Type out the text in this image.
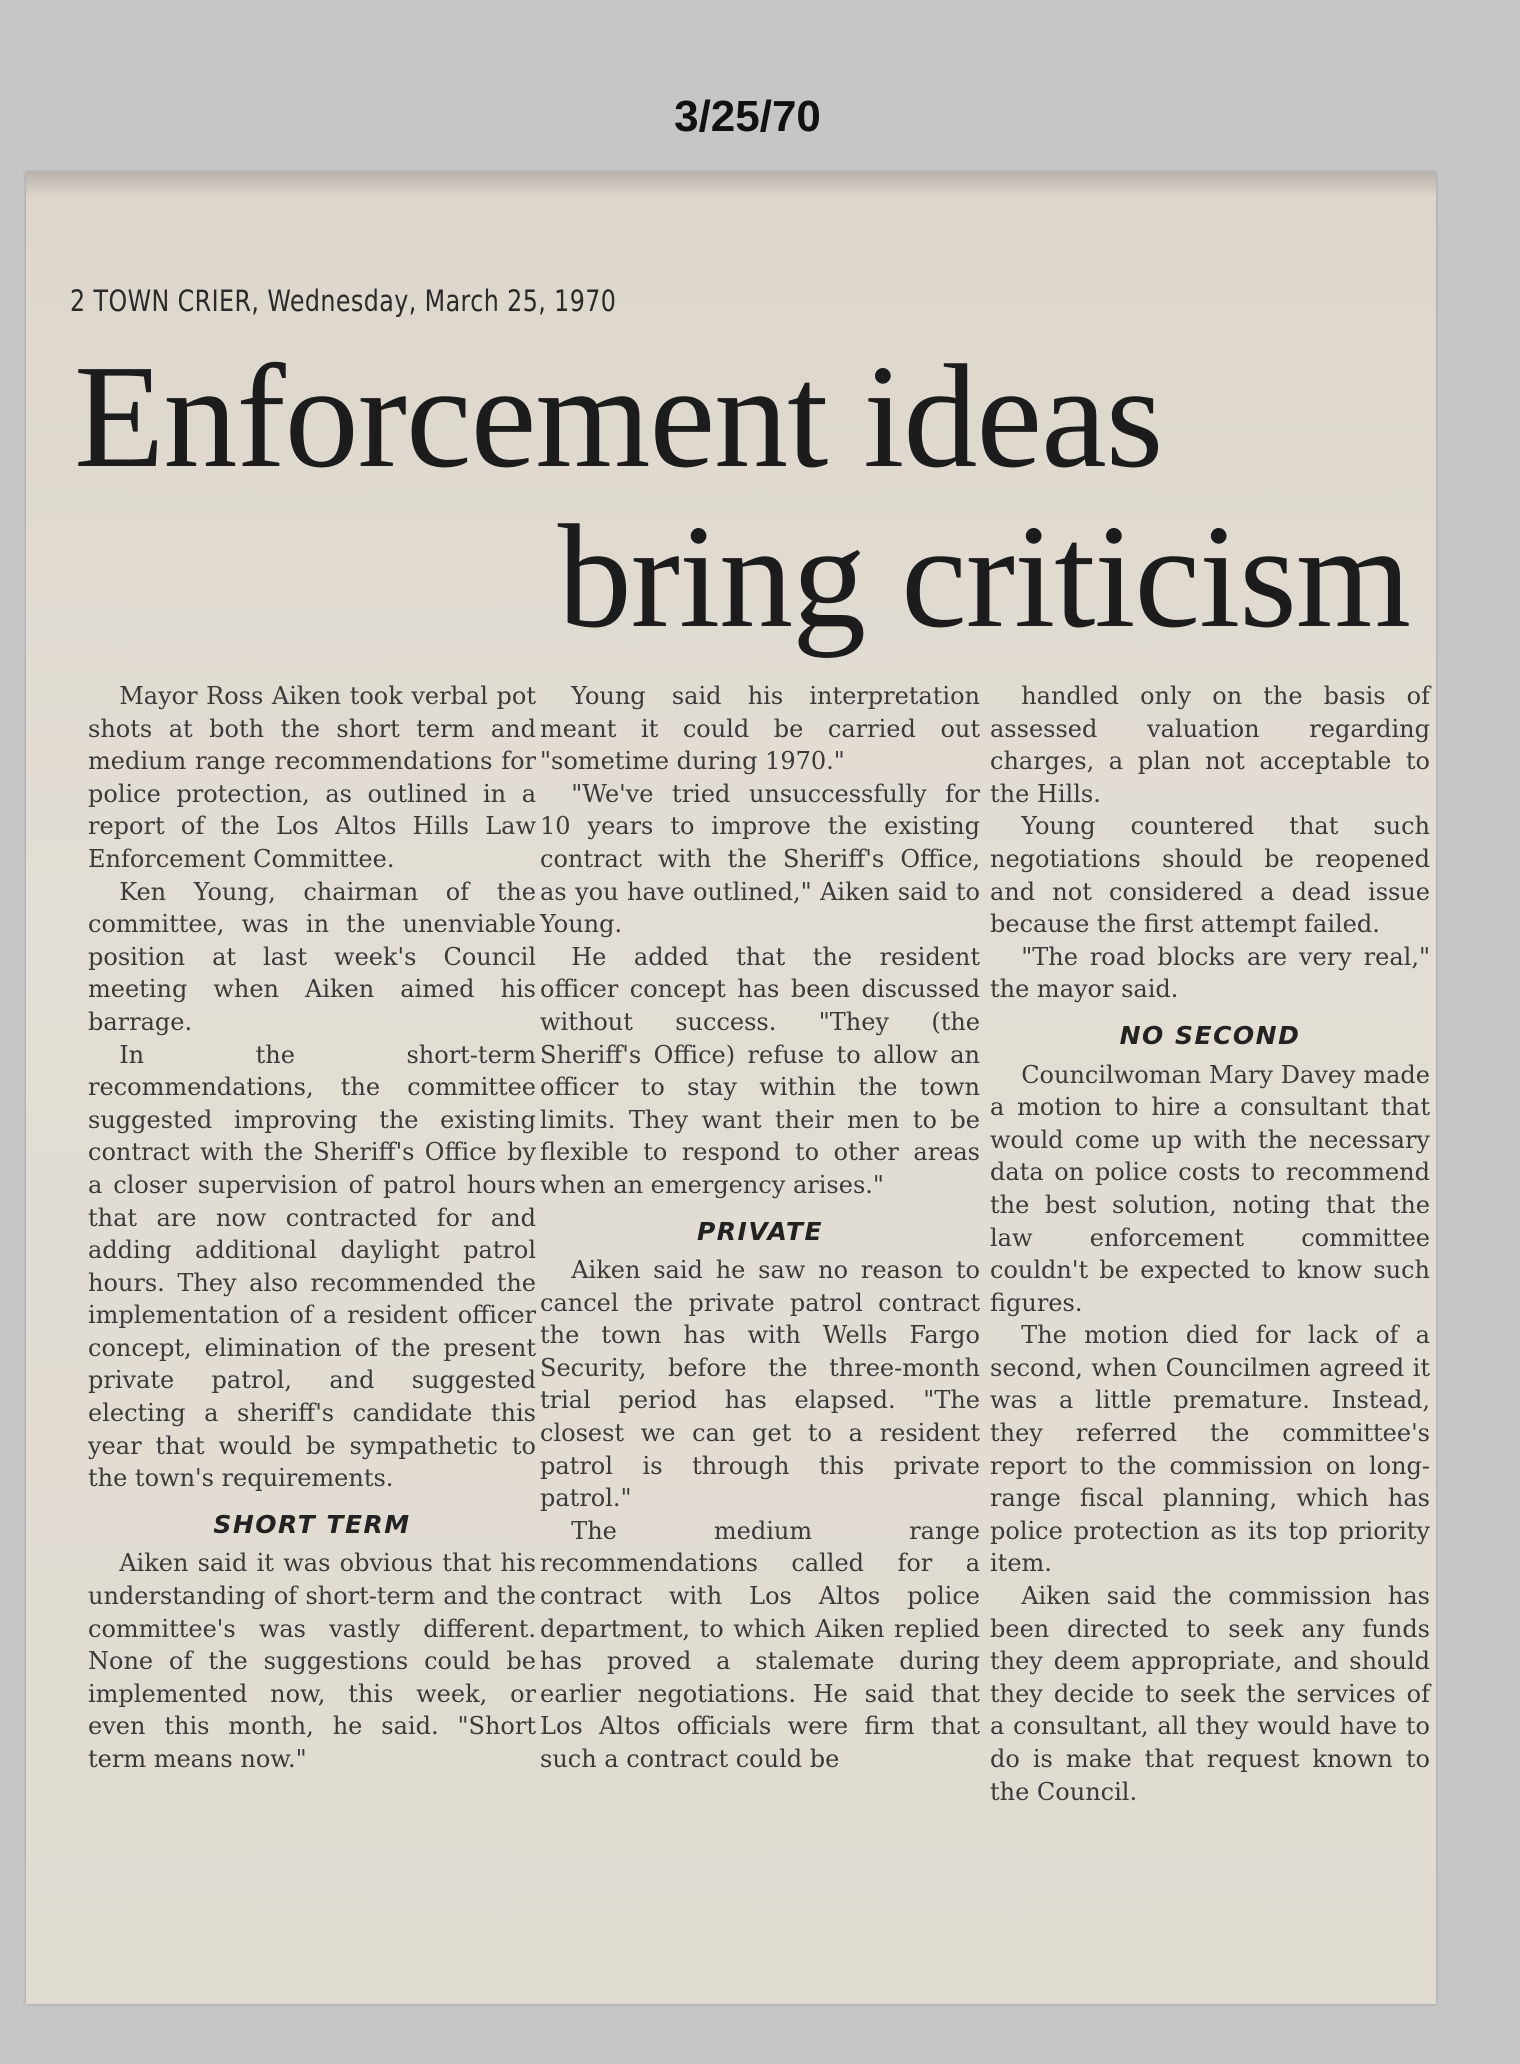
3/25/70
2 TOWN CRIER, Wednesday, March 25, 1970
Enforcement ideas
bring criticism

Mayor Ross Aiken took verbal pot shots at both the short term and medium range recommendations for police protection, as outlined in a report of the Los Altos Hills Law Enforcement Committee.

Ken Young, chairman of the committee, was in the unenviable position at last week's Council meeting when Aiken aimed his barrage.

In the short-term recommendations, the committee suggested improving the existing contract with the Sheriff's Office by a closer supervision of patrol hours that are now contracted for and adding additional daylight patrol hours. They also recommended the implementation of a resident officer concept, elimination of the present private patrol, and suggested electing a sheriff's candidate this year that would be sympathetic to the town's requirements.

SHORT TERM

Aiken said it was obvious that his understanding of short-term and the committee's was vastly different. None of the suggestions could be implemented now, this week, or even this month, he said. "Short term means now."

Young said his interpretation meant it could be carried out "sometime during 1970."

"We've tried unsuccessfully for 10 years to improve the existing contract with the Sheriff's Office, as you have outlined," Aiken said to Young.

He added that the resident officer concept has been discussed without success. "They (the Sheriff's Office) refuse to allow an officer to stay within the town limits. They want their men to be flexible to respond to other areas when an emergency arises."

PRIVATE

Aiken said he saw no reason to cancel the private patrol contract the town has with Wells Fargo Security, before the three-month trial period has elapsed. "The closest we can get to a resident patrol is through this private patrol."

The medium range recommendations called for a contract with Los Altos police department, to which Aiken replied has proved a stalemate during earlier negotiations. He said that Los Altos officials were firm that such a contract could be

handled only on the basis of assessed valuation regarding charges, a plan not acceptable to the Hills.

Young countered that such negotiations should be reopened and not considered a dead issue because the first attempt failed.

"The road blocks are very real," the mayor said.

NO SECOND

Councilwoman Mary Davey made a motion to hire a consultant that would come up with the necessary data on police costs to recommend the best solution, noting that the law enforcement committee couldn't be expected to know such figures.

The motion died for lack of a second, when Councilmen agreed it was a little premature. Instead, they referred the committee's report to the commission on long-range fiscal planning, which has police protection as its top priority item.

Aiken said the commission has been directed to seek any funds they deem appropriate, and should they decide to seek the services of a consultant, all they would have to do is make that request known to the Council.
